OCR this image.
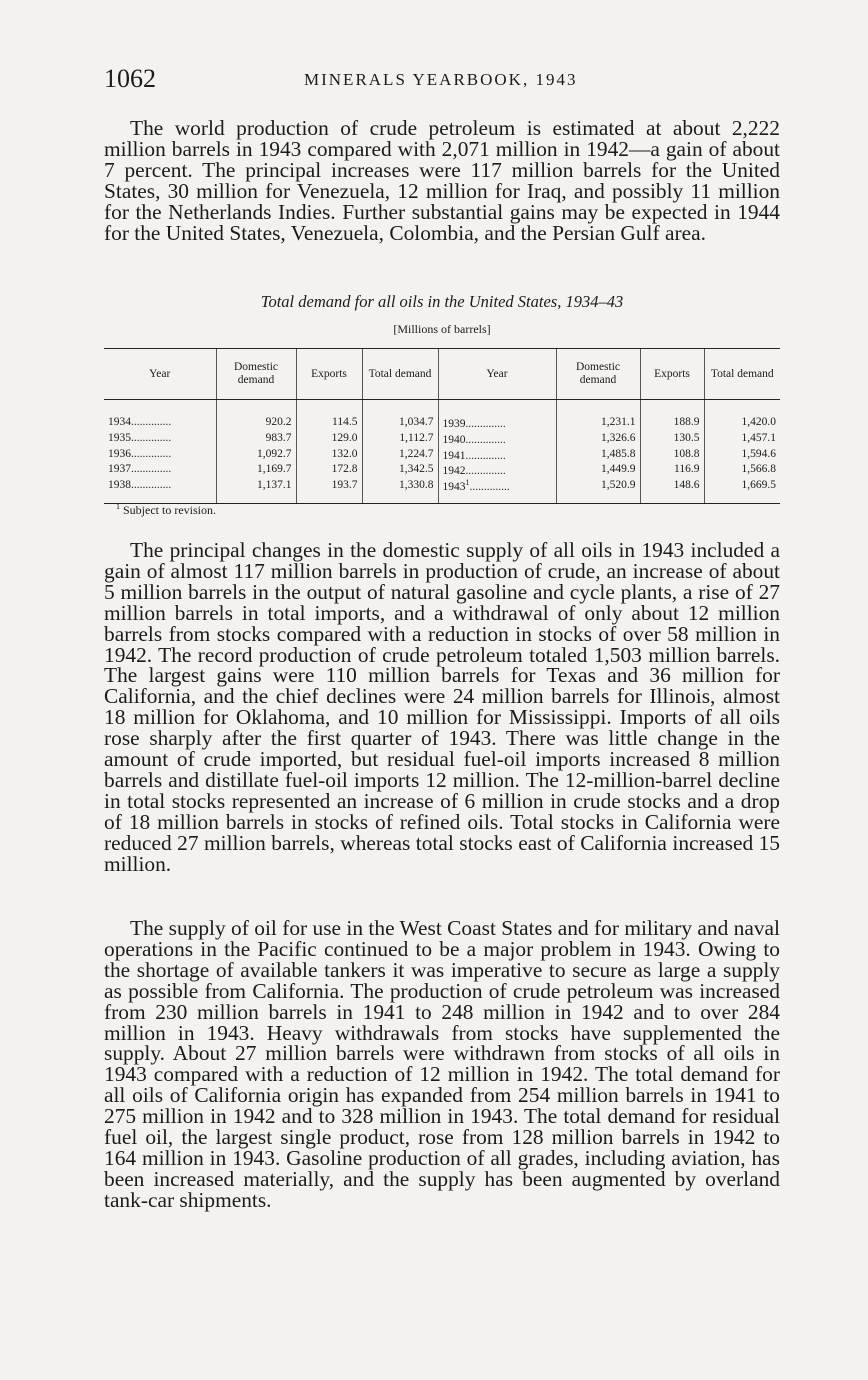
1062	MINERALS YEARBOOK, 1943

The world production of crude petroleum is estimated at about 2,222 million barrels in 1943 compared with 2,071 million in 1942—a gain of about 7 percent. The principal increases were 117 million barrels for the United States, 30 million for Venezuela, 12 million for Iraq, and possibly 11 million for the Netherlands Indies. Further substantial gains may be expected in 1944 for the United States, Venezuela, Colombia, and the Persian Gulf area.

Total demand for all oils in the United States, 1934–43
[Millions of barrels]
Year	Domestic demand	Exports	Total demand	Year	Domestic demand	Exports	Total demand
1934..............	920.2	114.5	1,034.7	1939..............	1,231.1	188.9	1,420.0
1935..............	983.7	129.0	1,112.7	1940..............	1,326.6	130.5	1,457.1
1936..............	1,092.7	132.0	1,224.7	1941..............	1,485.8	108.8	1,594.6
1937..............	1,169.7	172.8	1,342.5	1942..............	1,449.9	116.9	1,566.8
1938..............	1,137.1	193.7	1,330.8	1943$^1$..............	1,520.9	148.6	1,669.5
$^1$ Subject to revision.

The principal changes in the domestic supply of all oils in 1943 included a gain of almost 117 million barrels in production of crude, an increase of about 5 million barrels in the output of natural gasoline and cycle plants, a rise of 27 million barrels in total imports, and a withdrawal of only about 12 million barrels from stocks compared with a reduction in stocks of over 58 million in 1942. The record production of crude petroleum totaled 1,503 million barrels. The largest gains were 110 million barrels for Texas and 36 million for California, and the chief declines were 24 million barrels for Illinois, almost 18 million for Oklahoma, and 10 million for Mississippi. Imports of all oils rose sharply after the first quarter of 1943. There was little change in the amount of crude imported, but residual fuel-oil imports increased 8 million barrels and distillate fuel-oil imports 12 million. The 12-million-barrel decline in total stocks represented an increase of 6 million in crude stocks and a drop of 18 million barrels in stocks of refined oils. Total stocks in California were reduced 27 million barrels, whereas total stocks east of California increased 15 million.

The supply of oil for use in the West Coast States and for military and naval operations in the Pacific continued to be a major problem in 1943. Owing to the shortage of available tankers it was imperative to secure as large a supply as possible from California. The production of crude petroleum was increased from 230 million barrels in 1941 to 248 million in 1942 and to over 284 million in 1943. Heavy withdrawals from stocks have supplemented the supply. About 27 million barrels were withdrawn from stocks of all oils in 1943 compared with a reduction of 12 million in 1942. The total demand for all oils of California origin has expanded from 254 million barrels in 1941 to 275 million in 1942 and to 328 million in 1943. The total demand for residual fuel oil, the largest single product, rose from 128 million barrels in 1942 to 164 million in 1943. Gasoline production of all grades, including aviation, has been increased materially, and the supply has been augmented by overland tank-car shipments.
